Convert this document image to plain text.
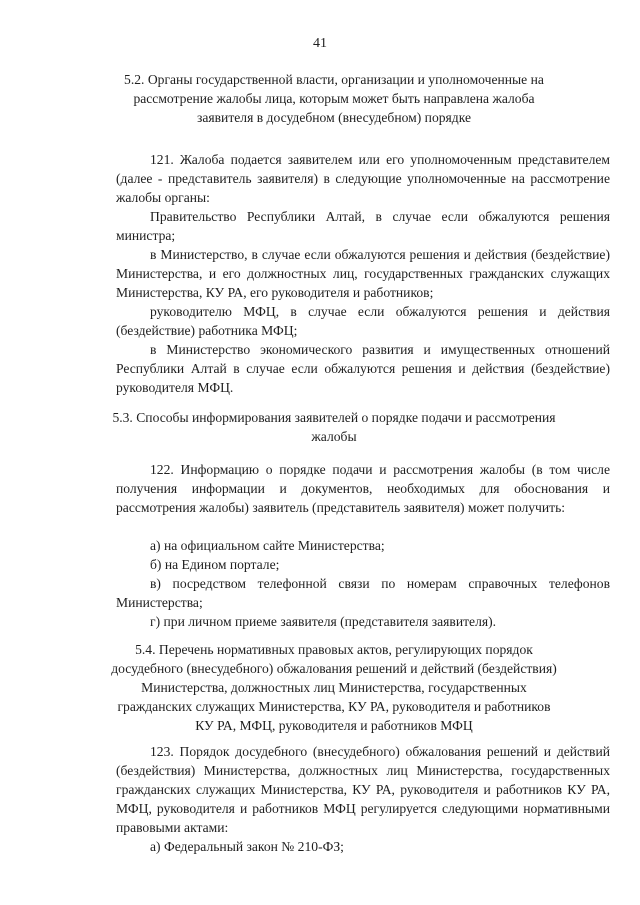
41
5.2. Органы государственной власти, организации и уполномоченные на рассмотрение жалобы лица, которым может быть направлена жалоба заявителя в досудебном (внесудебном) порядке
121. Жалоба подается заявителем или его уполномоченным представителем (далее - представитель заявителя) в следующие уполномоченные на рассмотрение жалобы органы:
Правительство Республики Алтай, в случае если обжалуются решения министра;
в Министерство, в случае если обжалуются решения и действия (бездействие) Министерства, и его должностных лиц, государственных гражданских служащих Министерства, КУ РА, его руководителя и работников;
руководителю МФЦ, в случае если обжалуются решения и действия (бездействие) работника МФЦ;
в Министерство экономического развития и имущественных отношений Республики Алтай в случае если обжалуются решения и действия (бездействие) руководителя МФЦ.
5.3. Способы информирования заявителей о порядке подачи и рассмотрения жалобы
122. Информацию о порядке подачи и рассмотрения жалобы (в том числе получения информации и документов, необходимых для обоснования и рассмотрения жалобы) заявитель (представитель заявителя) может получить:
а) на официальном сайте Министерства;
б) на Едином портале;
в) посредством телефонной связи по номерам справочных телефонов Министерства;
г) при личном приеме заявителя (представителя заявителя).
5.4. Перечень нормативных правовых актов, регулирующих порядок досудебного (внесудебного) обжалования решений и действий (бездействия) Министерства, должностных лиц Министерства, государственных гражданских служащих Министерства, КУ РА, руководителя и работников КУ РА, МФЦ, руководителя и работников МФЦ
123. Порядок досудебного (внесудебного) обжалования решений и действий (бездействия) Министерства, должностных лиц Министерства, государственных гражданских служащих Министерства, КУ РА, руководителя и работников КУ РА, МФЦ, руководителя и работников МФЦ регулируется следующими нормативными правовыми актами:
а) Федеральный закон № 210-ФЗ;
